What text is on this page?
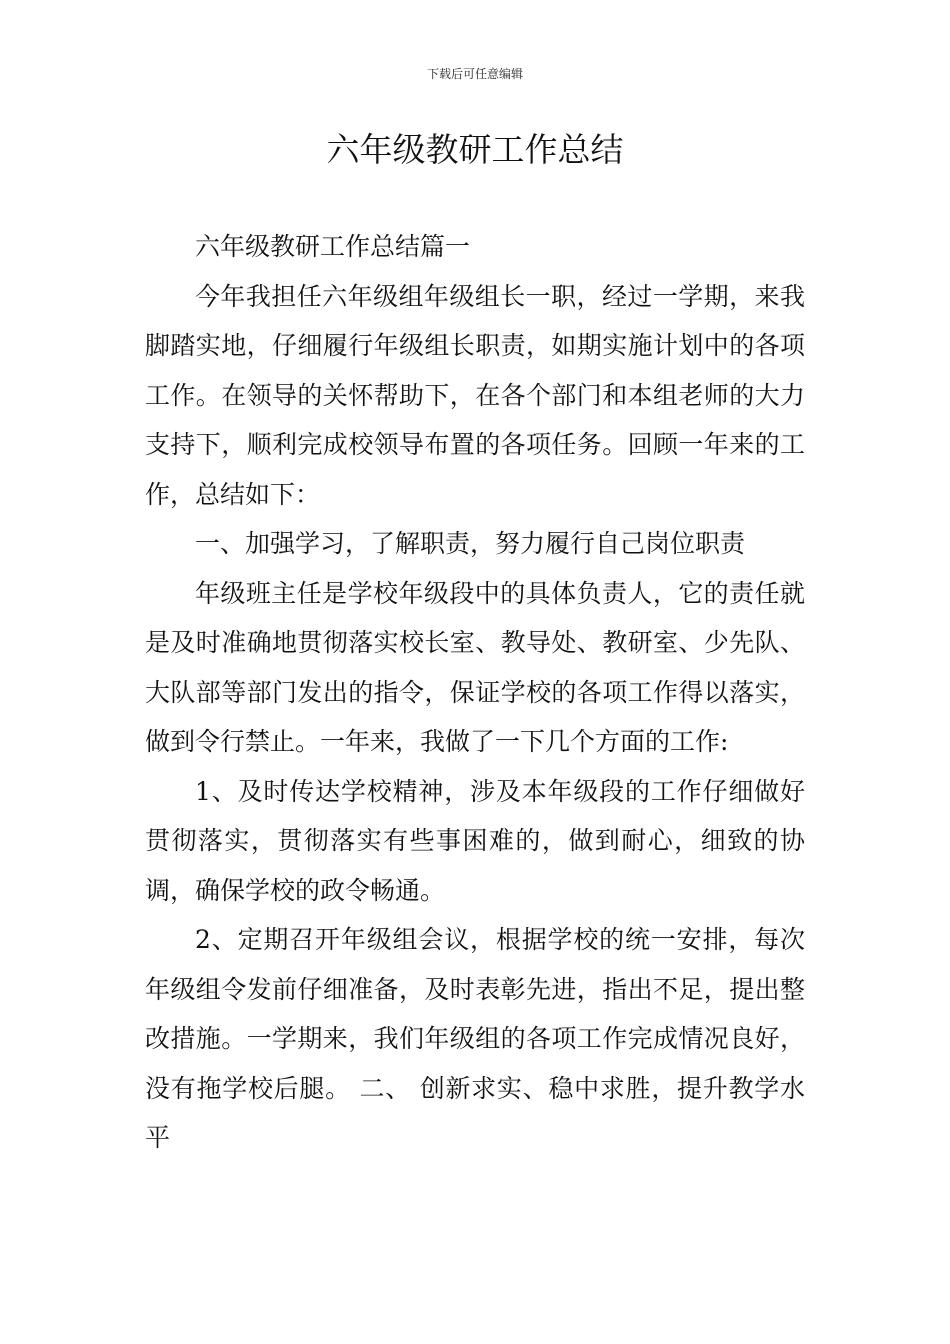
下载后可任意编辑
六年级教研工作总结

六年级教研工作总结篇一

今年我担任六年级组年级组长一职，经过一学期，来我脚踏实地，仔细履行年级组长职责，如期实施计划中的各项工作。在领导的关怀帮助下，在各个部门和本组老师的大力支持下，顺利完成校领导布置的各项任务。回顾一年来的工作，总结如下：

一、加强学习，了解职责，努力履行自己岗位职责

年级班主任是学校年级段中的具体负责人，它的责任就是及时准确地贯彻落实校长室、教导处、教研室、少先队、大队部等部门发出的指令，保证学校的各项工作得以落实，做到令行禁止。一年来，我做了一下几个方面的工作:

1、及时传达学校精神，涉及本年级段的工作仔细做好贯彻落实，贯彻落实有些事困难的，做到耐心，细致的协调，确保学校的政令畅通。

2、定期召开年级组会议，根据学校的统一安排，每次年级组令发前仔细准备，及时表彰先进，指出不足，提出整改措施。一学期来，我们年级组的各项工作完成情况良好，没有拖学校后腿。 二、 创新求实、稳中求胜，提升教学水平
